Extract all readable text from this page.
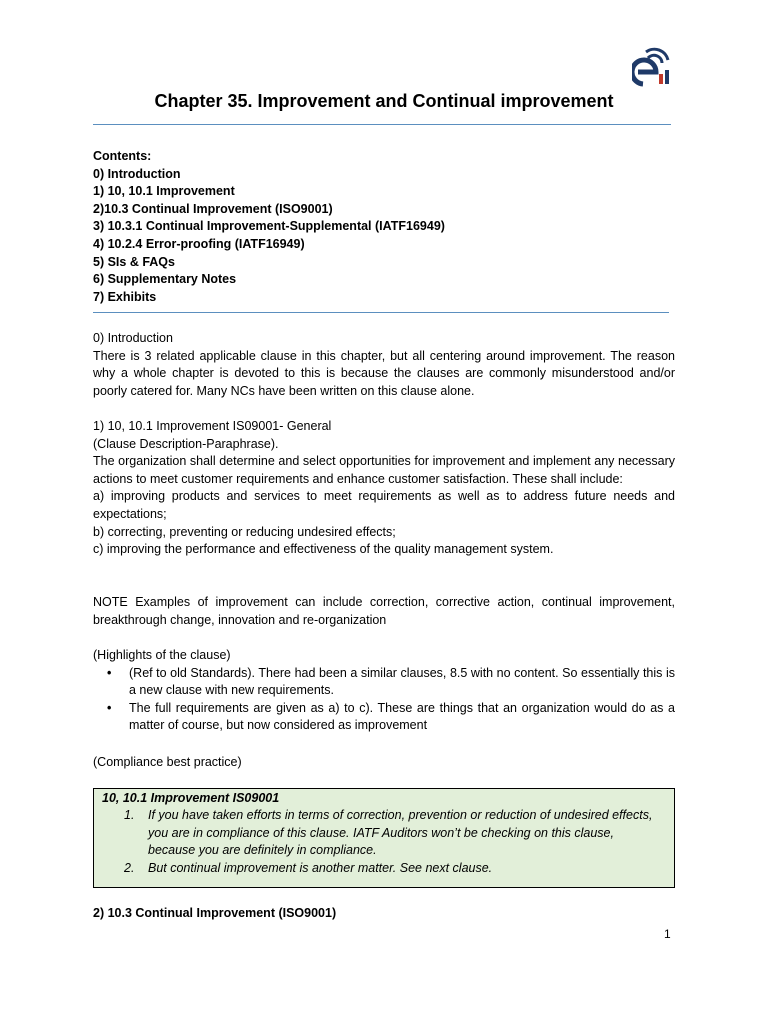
Chapter 35. Improvement and Continual improvement
Contents:
0) Introduction
1) 10, 10.1 Improvement
2)10.3 Continual Improvement (ISO9001)
3) 10.3.1 Continual Improvement-Supplemental (IATF16949)
4) 10.2.4 Error-proofing (IATF16949)
5) SIs & FAQs
6) Supplementary Notes
7) Exhibits
0) Introduction

There is 3 related applicable clause in this chapter, but all centering around improvement. The reason why a whole chapter is devoted to this is because the clauses are commonly misunderstood and/or poorly catered for. Many NCs have been written on this clause alone.

1) 10, 10.1 Improvement IS09001- General
(Clause Description-Paraphrase).

The organization shall determine and select opportunities for improvement and implement any necessary actions to meet customer requirements and enhance customer satisfaction. These shall include:

a) improving products and services to meet requirements as well as to address future needs and expectations;

b) correcting, preventing or reducing undesired effects;

c) improving the performance and effectiveness of the quality management system.

NOTE Examples of improvement can include correction, corrective action, continual improvement, breakthrough change, innovation and re-organization

(Highlights of the clause)
• (Ref to old Standards). There had been a similar clauses, 8.5 with no content. So essentially this is a new clause with new requirements.
• The full requirements are given as a) to c). These are things that an organization would do as a matter of course, but now considered as improvement
(Compliance best practice)
10, 10.1 Improvement IS09001
1. If you have taken efforts in terms of correction, prevention or reduction of undesired effects, you are in compliance of this clause. IATF Auditors won’t be checking on this clause, because you are definitely in compliance.
2. But continual improvement is another matter. See next clause.
2) 10.3 Continual Improvement (ISO9001)
1
